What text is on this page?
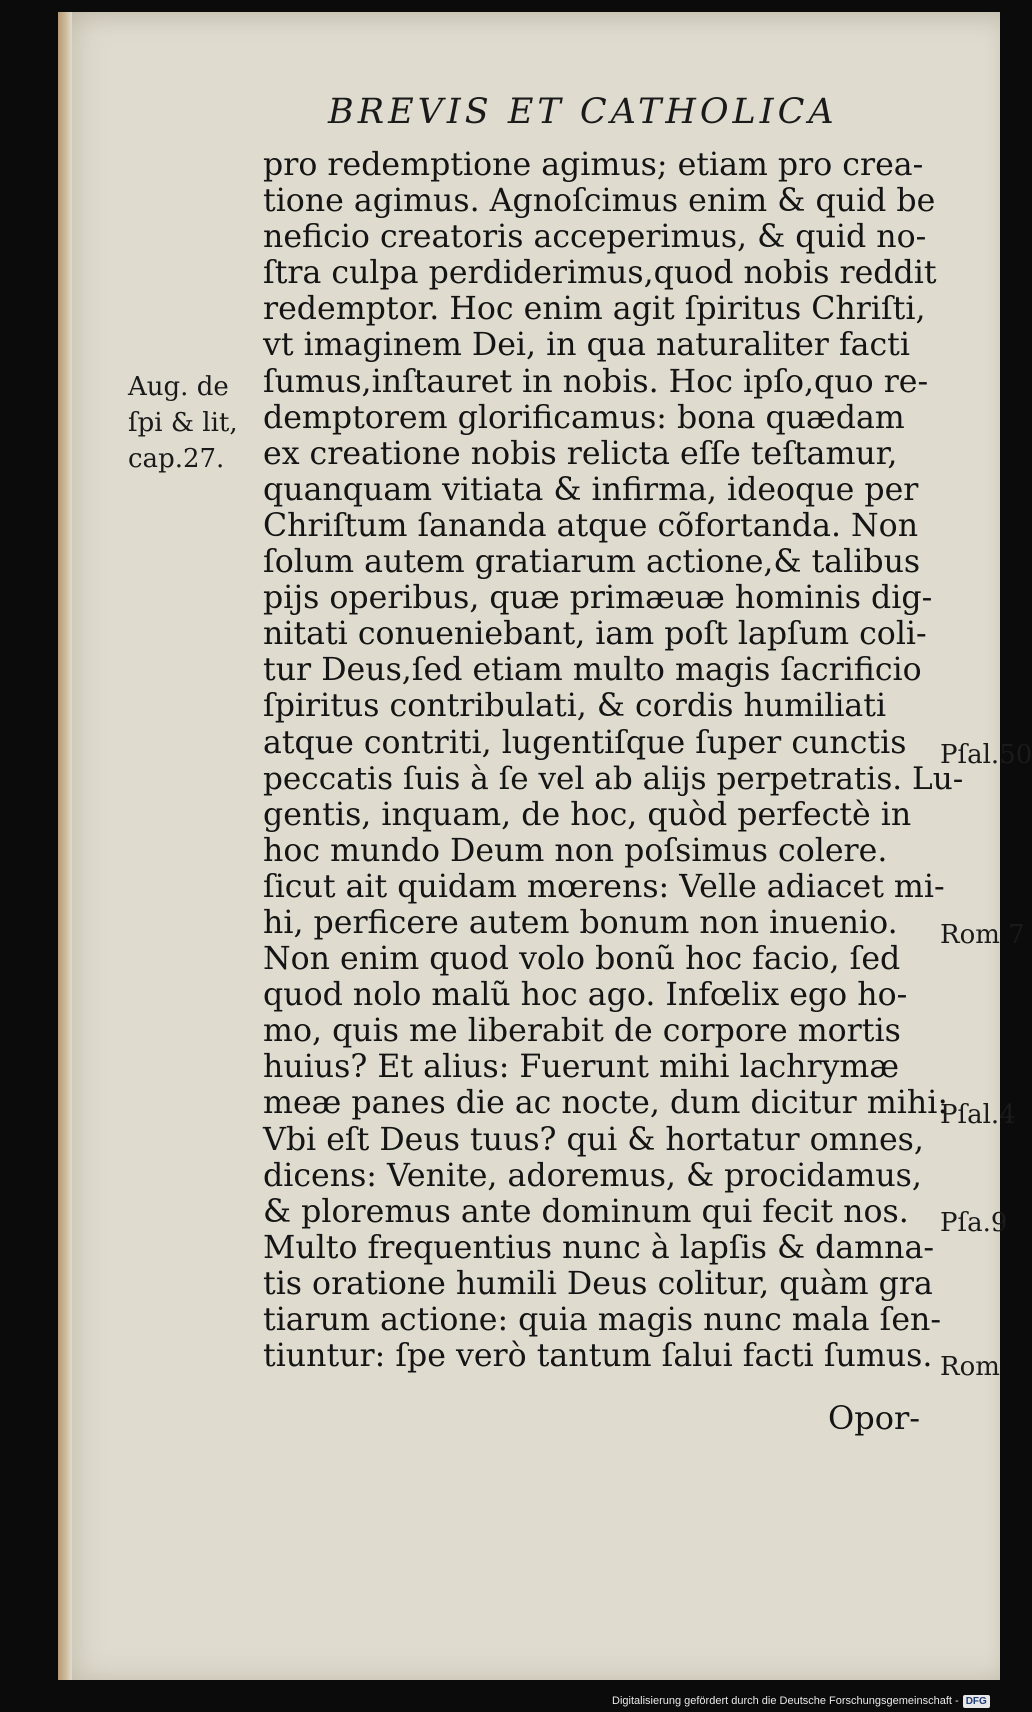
BREVIS ET CATHOLICA
Aug. de
ſpi & lit,
cap.27.
pro redemptione agimus; etiam pro crea-
tione agimus. Agnoſcimus enim & quid be
neficio creatoris acceperimus, & quid no-
ſtra culpa perdiderimus,quod nobis reddit
redemptor. Hoc enim agit ſpiritus Chriſti,
vt imaginem Dei, in qua naturaliter facti
ſumus,inſtauret in nobis. Hoc ipſo,quo re-
demptorem glorificamus: bona quædam
ex creatione nobis relicta eſſe teſtamur,
quanquam vitiata & infirma, ideoque per
Chriſtum ſananda atque cõfortanda. Non
ſolum autem gratiarum actione,& talibus
pijs operibus, quæ primæuæ hominis dig-
nitati conueniebant, iam poſt lapſum coli-
tur Deus,ſed etiam multo magis ſacrificio
ſpiritus contribulati, & cordis humiliati
atque contriti, lugentiſque ſuper cunctis
peccatis ſuis à ſe vel ab alijs perpetratis. Lu-
gentis, inquam, de hoc, quòd perfectè in
hoc mundo Deum non poſsimus colere.
ſicut ait quidam mœrens: Velle adiacet mi-
hi, perficere autem bonum non inuenio.
Non enim quod volo bonũ hoc facio, ſed
quod nolo malũ hoc ago. Infœlix ego ho-
mo, quis me liberabit de corpore mortis
huius? Et alius: Fuerunt mihi lachrymæ
meæ panes die ac nocte, dum dicitur mihi:
Vbi eſt Deus tuus? qui & hortatur omnes,
dicens: Venite, adoremus, & procidamus,
& ploremus ante dominum qui fecit nos.
Multo frequentius nunc à lapſis & damna-
tis oratione humili Deus colitur, quàm gra
tiarum actione: quia magis nunc mala ſen-
tiuntur: ſpe verò tantum ſalui facti ſumus.
Pſal.50
Rom 7
Pſal.4
Pſa.9
Rom
Opor-
Digitalisierung gefördert durch die Deutsche Forschungsgemeinschaft - DFG
